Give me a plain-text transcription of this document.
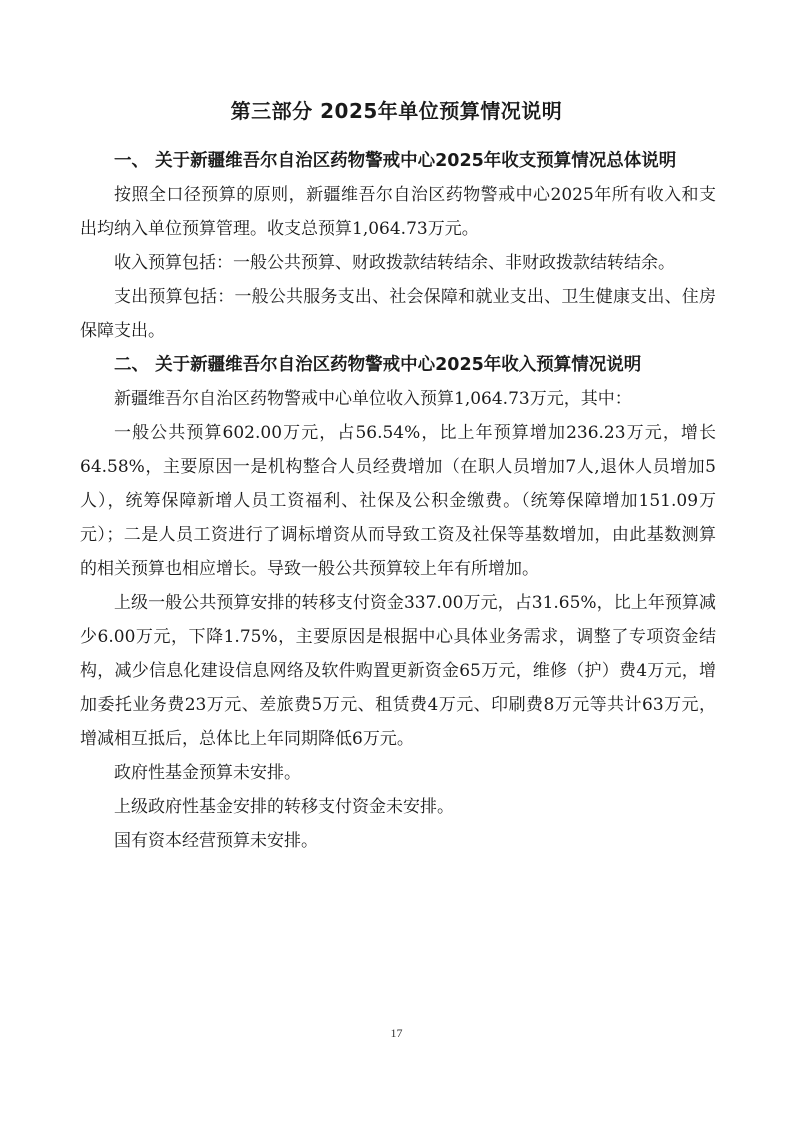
第三部分 2025年单位预算情况说明

一、 关于新疆维吾尔自治区药物警戒中心2025年收支预算情况总体说明

按照全口径预算的原则，新疆维吾尔自治区药物警戒中心2025年所有收入和支出均纳入单位预算管理。收支总预算1,064.73万元。

收入预算包括：一般公共预算、财政拨款结转结余、非财政拨款结转结余。

支出预算包括：一般公共服务支出、社会保障和就业支出、卫生健康支出、住房保障支出。

二、 关于新疆维吾尔自治区药物警戒中心2025年收入预算情况说明

新疆维吾尔自治区药物警戒中心单位收入预算1,064.73万元，其中：

一般公共预算602.00万元，占56.54%，比上年预算增加236.23万元，增长64.58%，主要原因一是机构整合人员经费增加（在职人员增加7人,退休人员增加5人），统筹保障新增人员工资福利、社保及公积金缴费。（统筹保障增加151.09万元）；二是人员工资进行了调标增资从而导致工资及社保等基数增加，由此基数测算的相关预算也相应增长。导致一般公共预算较上年有所增加。

上级一般公共预算安排的转移支付资金337.00万元，占31.65%，比上年预算减少6.00万元，下降1.75%，主要原因是根据中心具体业务需求，调整了专项资金结构，减少信息化建设信息网络及软件购置更新资金65万元，维修（护）费4万元，增加委托业务费23万元、差旅费5万元、租赁费4万元、印刷费8万元等共计63万元，增减相互抵后，总体比上年同期降低6万元。

政府性基金预算未安排。

上级政府性基金安排的转移支付资金未安排。

国有资本经营预算未安排。

17
